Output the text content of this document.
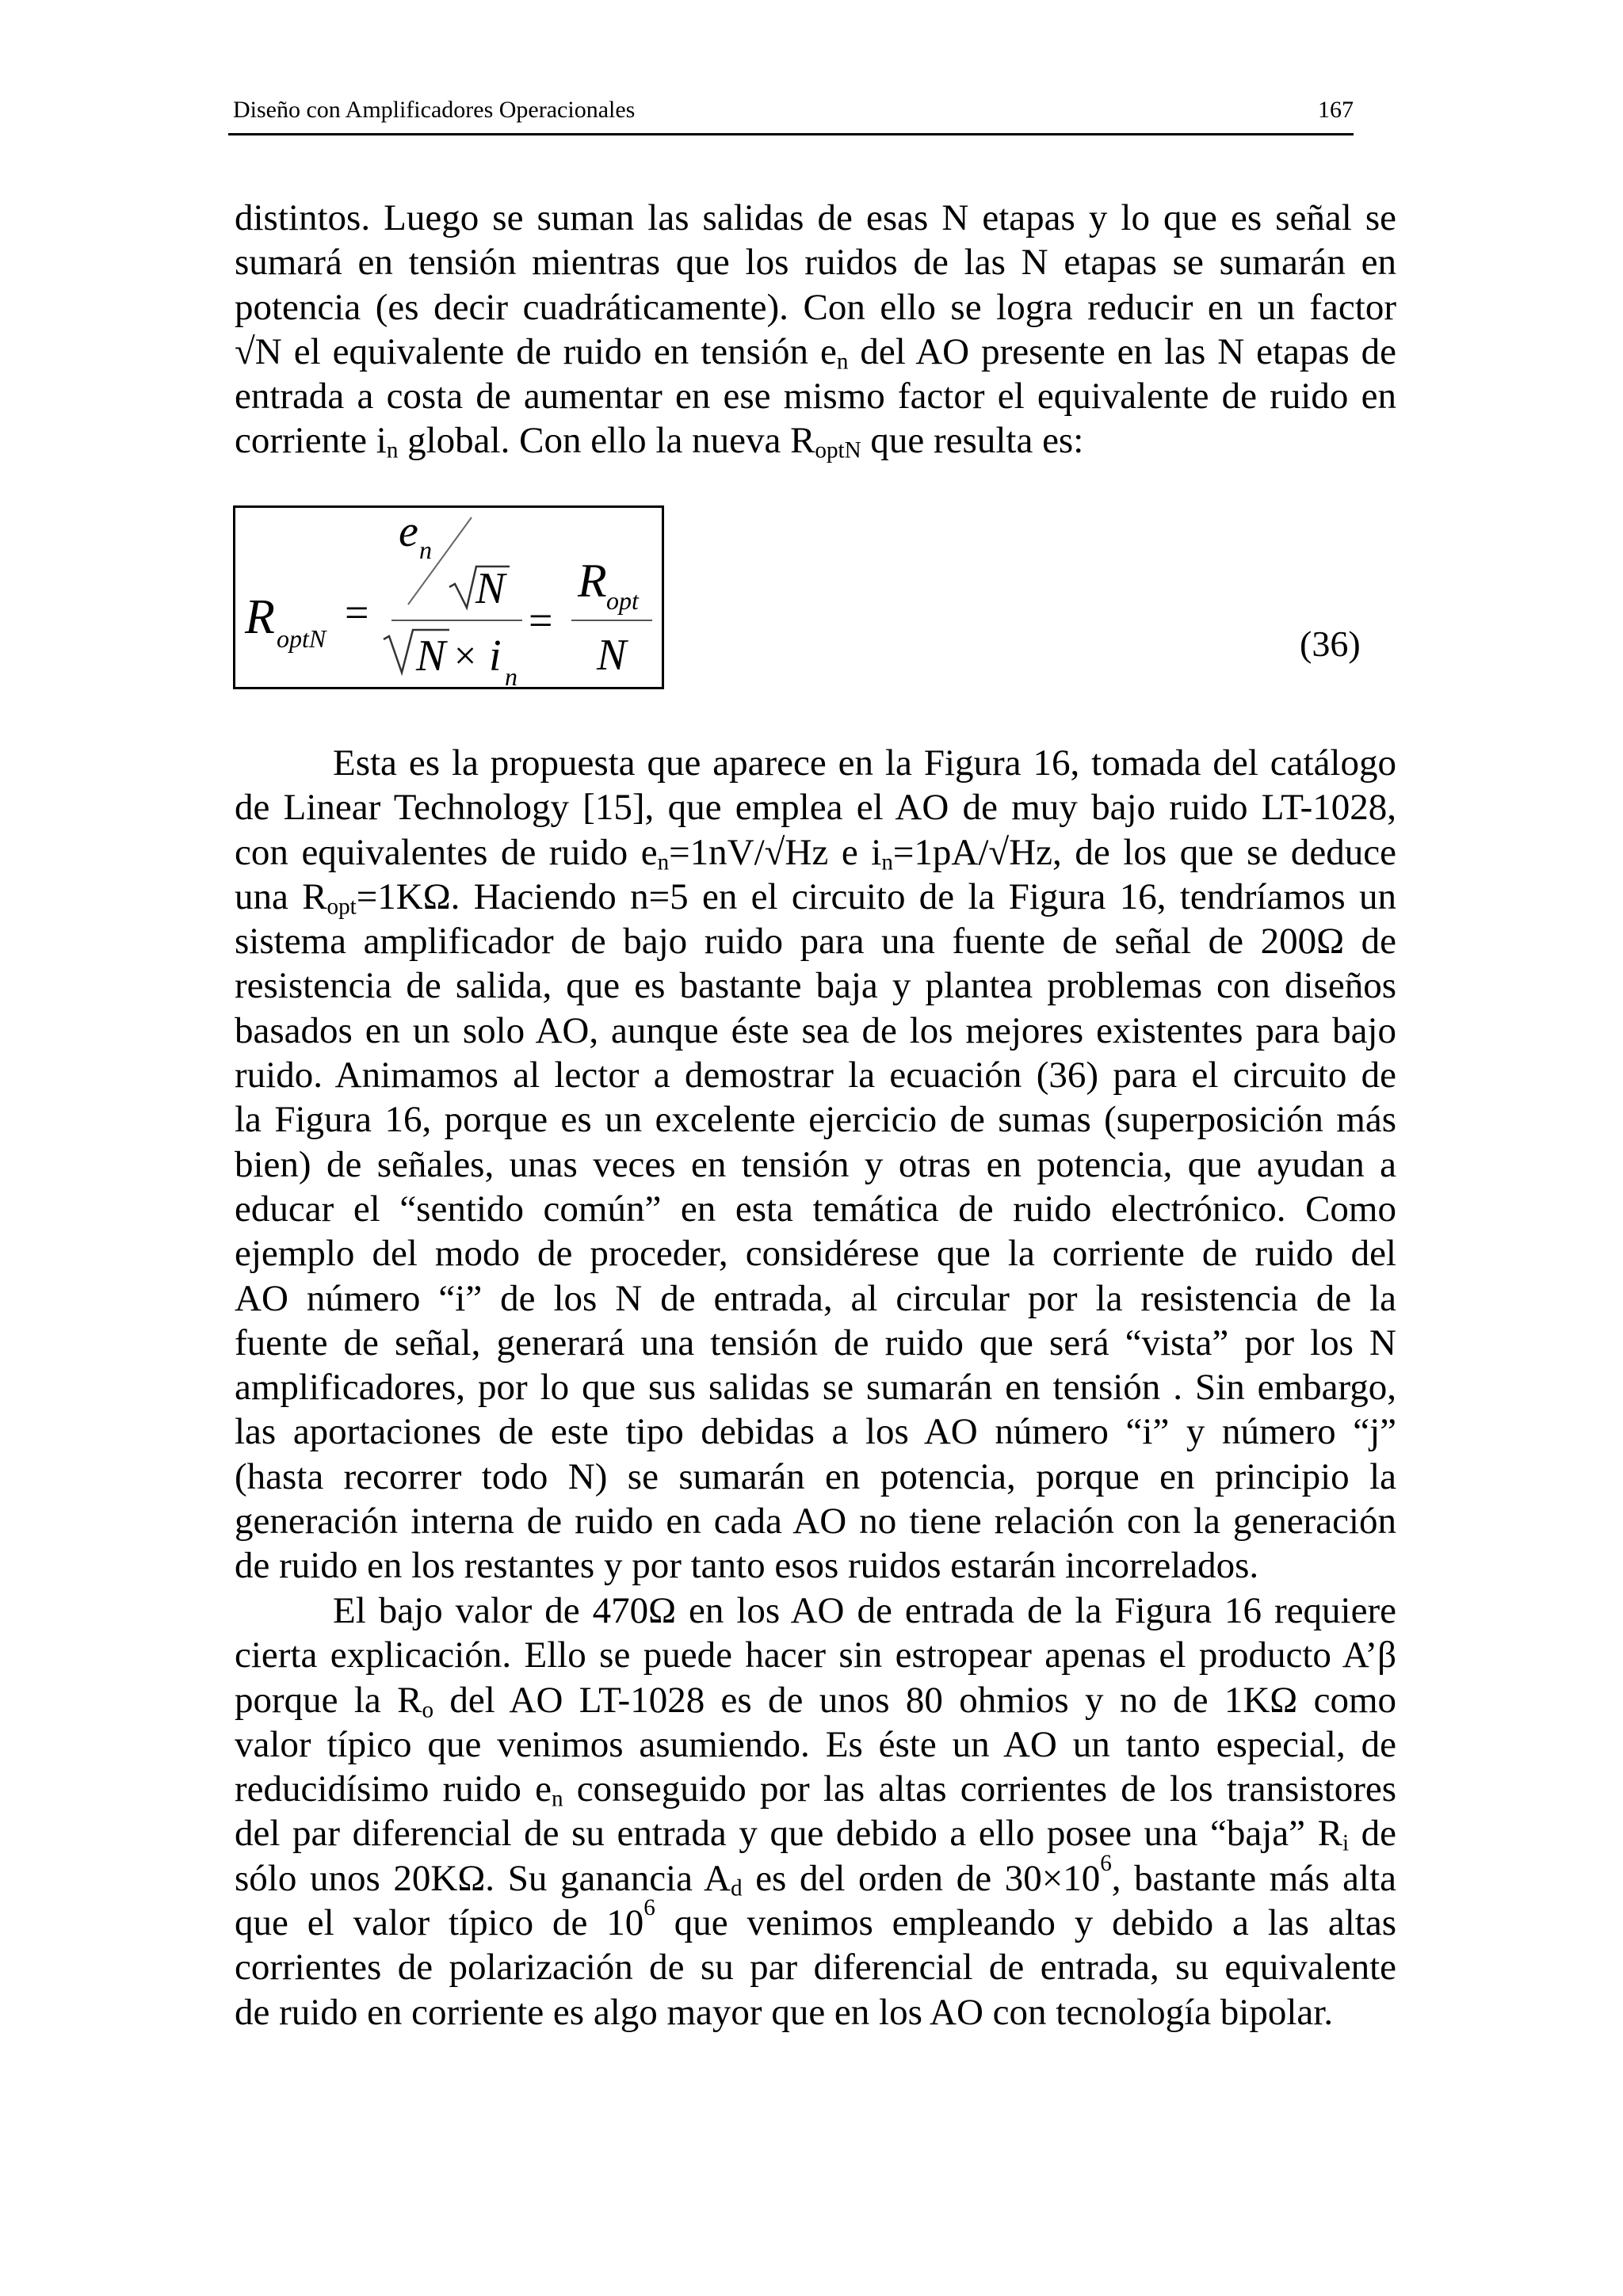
Diseño con Amplificadores Operacionales	167
distintos. Luego se suman las salidas de esas N etapas y lo que es señal se
sumará en tensión mientras que los ruidos de las N etapas se sumarán en
potencia (es decir cuadráticamente). Con ello se logra reducir en un factor
√N el equivalente de ruido en tensión $e_n$ del AO presente en las N etapas de
entrada a costa de aumentar en ese mismo factor el equivalente de ruido en
corriente $i_n$ global. Con ello la nueva $R_{optN}$ que resulta es:
R optN
=
e n
N
N × i n
=
R opt
N	(36)
Esta es la propuesta que aparece en la Figura 16, tomada del catálogo
de Linear Technology [15], que emplea el AO de muy bajo ruido LT-1028,
con equivalentes de ruido $e_n=1nV/√Hz$ e $i_n=1pA/√Hz$, de los que se deduce
una $R_{opt}=1K\Omega$. Haciendo n=5 en el circuito de la Figura 16, tendríamos un
sistema amplificador de bajo ruido para una fuente de señal de 200Ω de
resistencia de salida, que es bastante baja y plantea problemas con diseños
basados en un solo AO, aunque éste sea de los mejores existentes para bajo
ruido. Animamos al lector a demostrar la ecuación (36) para el circuito de
la Figura 16, porque es un excelente ejercicio de sumas (superposición más
bien) de señales, unas veces en tensión y otras en potencia, que ayudan a
educar el “sentido común” en esta temática de ruido electrónico. Como
ejemplo del modo de proceder, considérese que la corriente de ruido del
AO número “i” de los N de entrada, al circular por la resistencia de la
fuente de señal, generará una tensión de ruido que será “vista” por los N
amplificadores, por lo que sus salidas se sumarán en tensión . Sin embargo,
las aportaciones de este tipo debidas a los AO número “i” y número “j”
(hasta recorrer todo N) se sumarán en potencia, porque en principio la
generación interna de ruido en cada AO no tiene relación con la generación
de ruido en los restantes y por tanto esos ruidos estarán incorrelados.
El bajo valor de 470Ω en los AO de entrada de la Figura 16 requiere
cierta explicación. Ello se puede hacer sin estropear apenas el producto A’β
porque la $R_o$ del AO LT-1028 es de unos 80 ohmios y no de 1KΩ como
valor típico que venimos asumiendo. Es éste un AO un tanto especial, de
reducidísimo ruido $e_n$ conseguido por las altas corrientes de los transistores
del par diferencial de su entrada y que debido a ello posee una “baja” $R_i$ de
sólo unos 20KΩ. Su ganancia $A_d$ es del orden de $30\times 10^6$, bastante más alta
que el valor típico de $10^6$ que venimos empleando y debido a las altas
corrientes de polarización de su par diferencial de entrada, su equivalente
de ruido en corriente es algo mayor que en los AO con tecnología bipolar.
